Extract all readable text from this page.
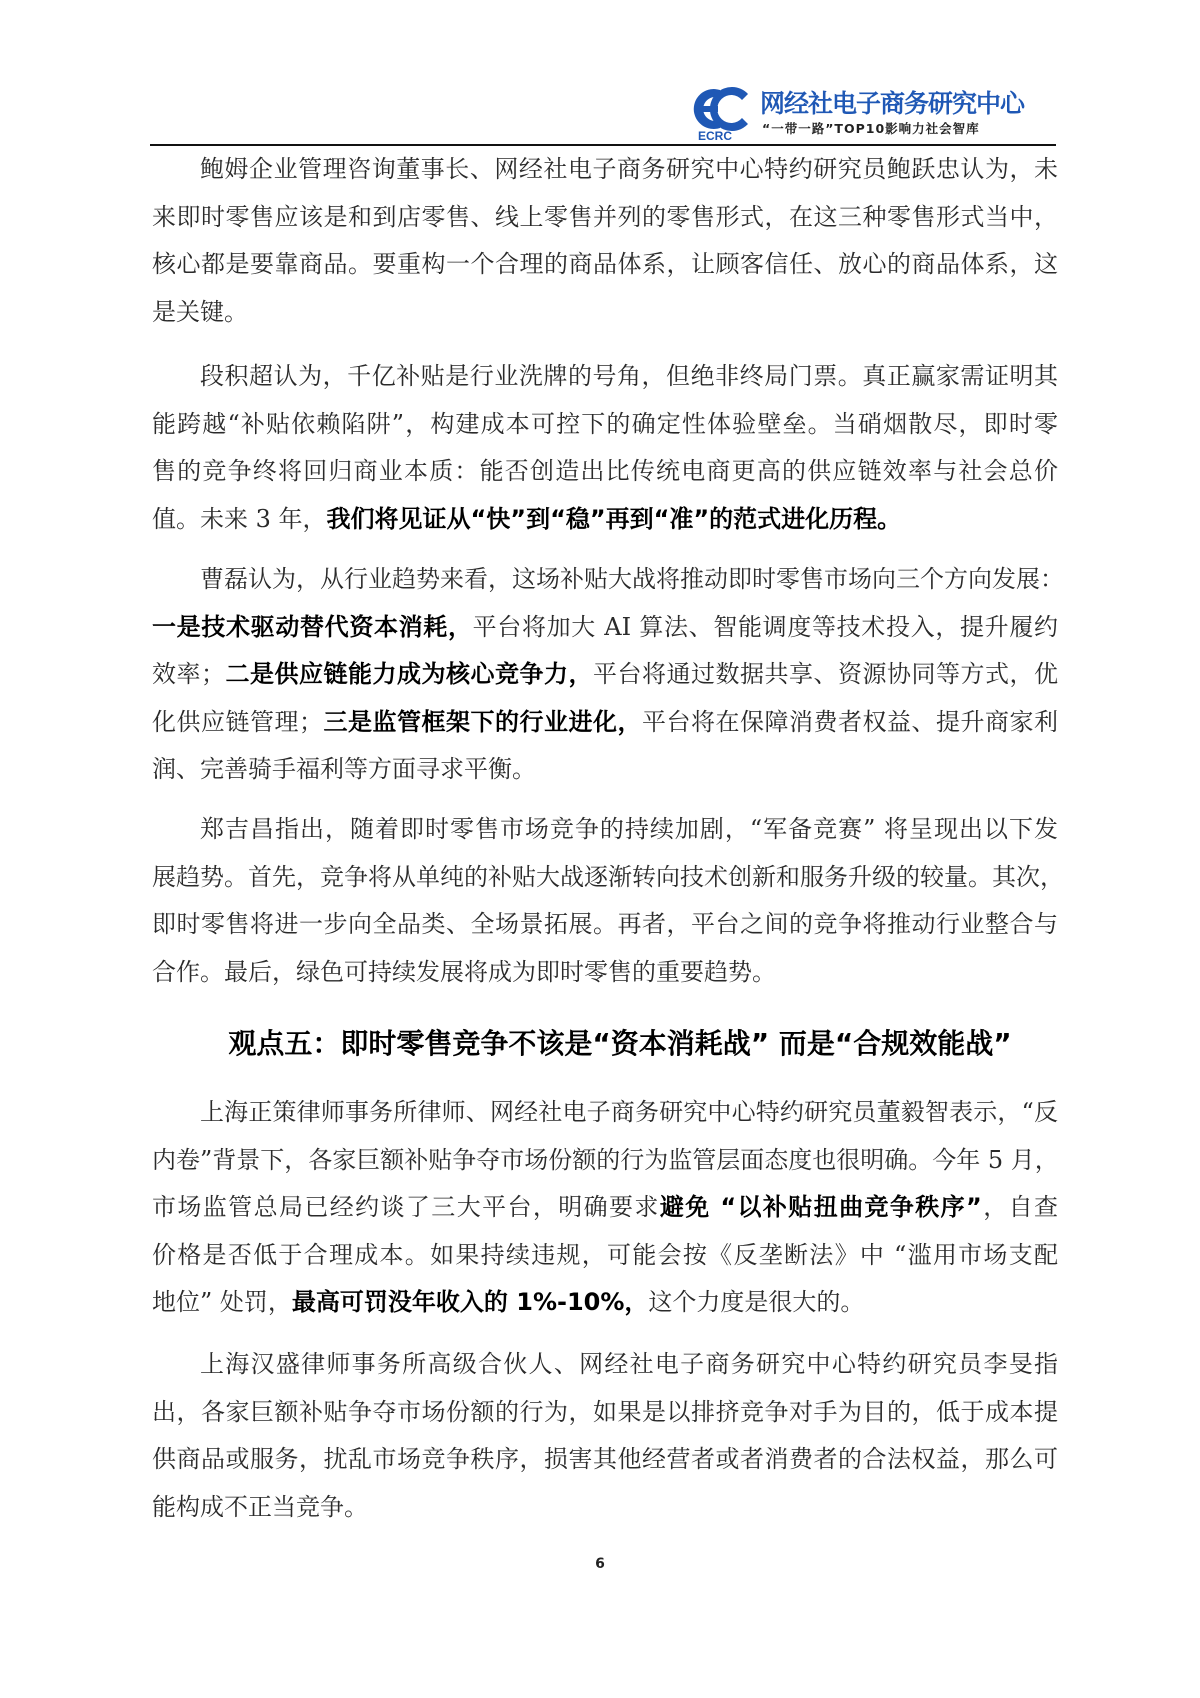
ECRC
网经社电子商务研究中心
“一带一路”TOP10影响力社会智库
鲍姆企业管理咨询董事长、网经社电子商务研究中心特约研究员鲍跃忠认为，未
来即时零售应该是和到店零售、线上零售并列的零售形式，在这三种零售形式当中，
核心都是要靠商品。要重构一个合理的商品体系，让顾客信任、放心的商品体系，这
是关键。
段积超认为，千亿补贴是行业洗牌的号角，但绝非终局门票。真正赢家需证明其
能跨越“补贴依赖陷阱”，构建成本可控下的确定性体验壁垒。当硝烟散尽，即时零
售的竞争终将回归商业本质：能否创造出比传统电商更高的供应链效率与社会总价
值。未来 3 年，我们将见证从“快”到“稳”再到“准”的范式进化历程。
曹磊认为，从行业趋势来看，这场补贴大战将推动即时零售市场向三个方向发展：
一是技术驱动替代资本消耗，平台将加大 AI 算法、智能调度等技术投入，提升履约
效率；二是供应链能力成为核心竞争力，平台将通过数据共享、资源协同等方式，优
化供应链管理；三是监管框架下的行业进化，平台将在保障消费者权益、提升商家利
润、完善骑手福利等方面寻求平衡。
郑吉昌指出，随着即时零售市场竞争的持续加剧，“军备竞赛” 将呈现出以下发
展趋势。首先，竞争将从单纯的补贴大战逐渐转向技术创新和服务升级的较量。其次，
即时零售将进一步向全品类、全场景拓展。再者，平台之间的竞争将推动行业整合与
合作。最后，绿色可持续发展将成为即时零售的重要趋势。
观点五：即时零售竞争不该是“资本消耗战” 而是“合规效能战”
上海正策律师事务所律师、网经社电子商务研究中心特约研究员董毅智表示，“反
内卷”背景下，各家巨额补贴争夺市场份额的行为监管层面态度也很明确。今年 5 月，
市场监管总局已经约谈了三大平台，明确要求避免 “以补贴扭曲竞争秩序”，自查
价格是否低于合理成本。如果持续违规，可能会按《反垄断法》中 “滥用市场支配
地位” 处罚，最高可罚没年收入的 1%-10%，这个力度是很大的。
上海汉盛律师事务所高级合伙人、网经社电子商务研究中心特约研究员李旻指
出，各家巨额补贴争夺市场份额的行为，如果是以排挤竞争对手为目的，低于成本提
供商品或服务，扰乱市场竞争秩序，损害其他经营者或者消费者的合法权益，那么可
能构成不正当竞争。
6
